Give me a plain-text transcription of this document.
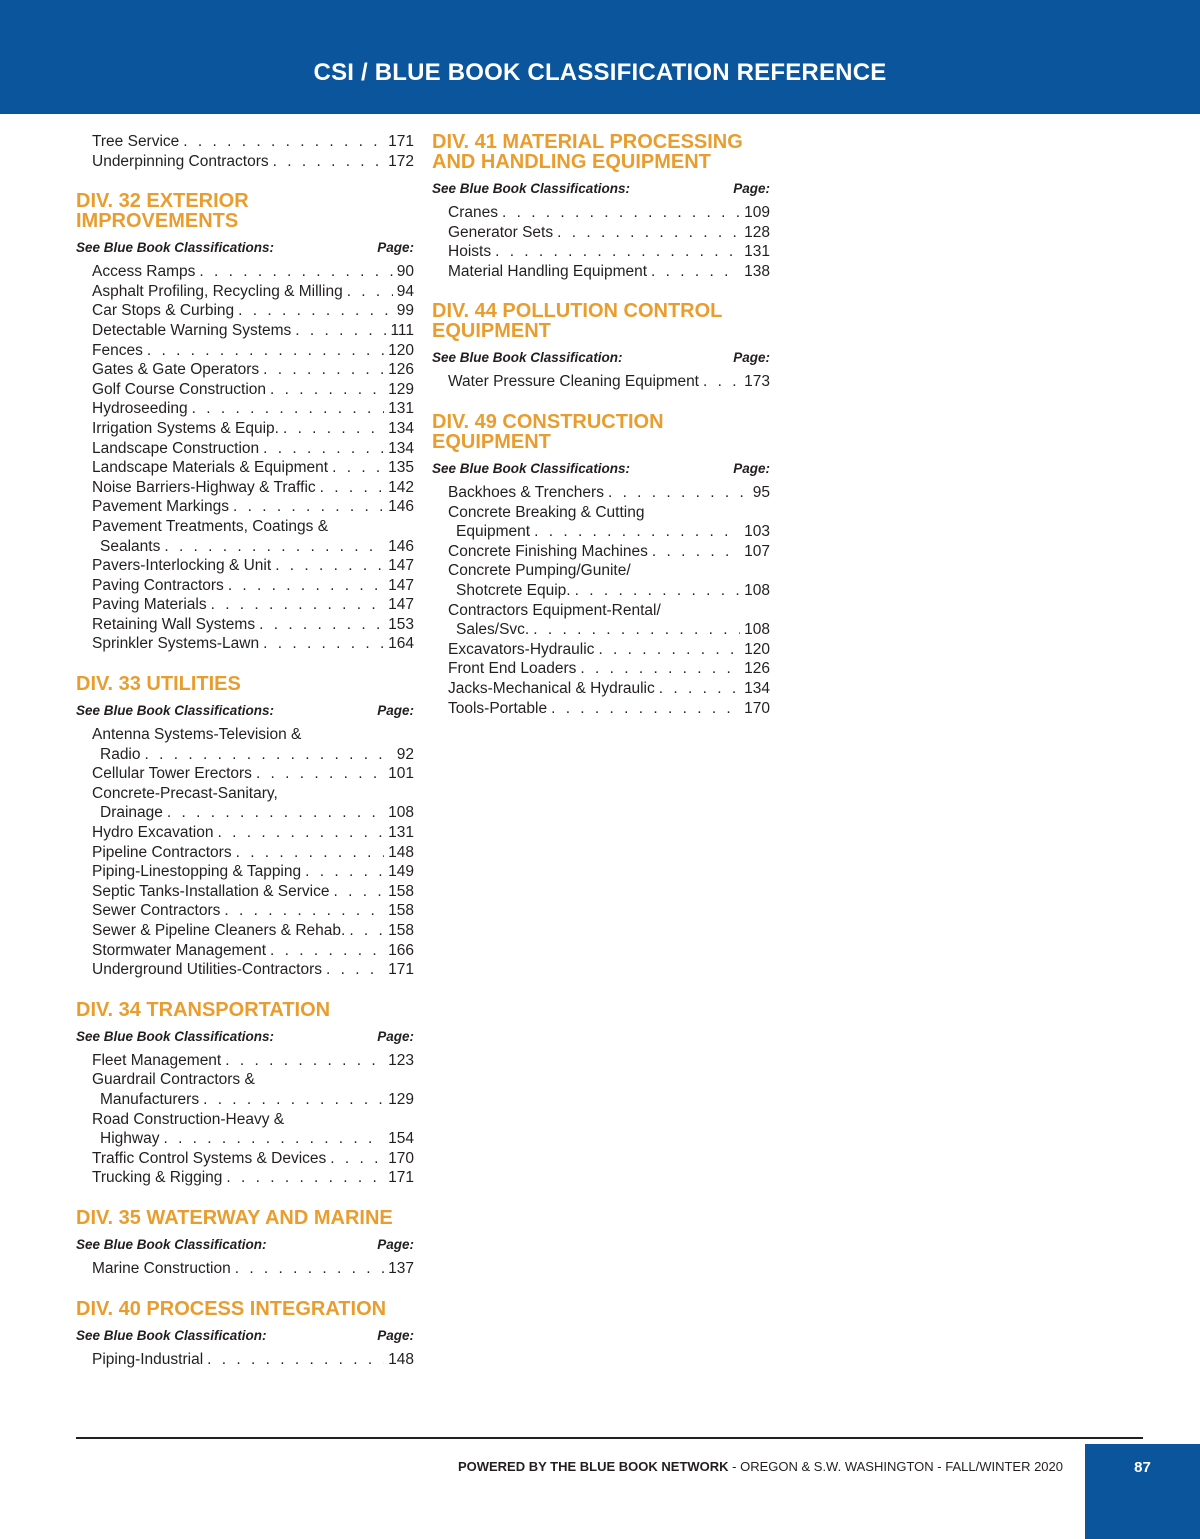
CSI / BLUE BOOK CLASSIFICATION REFERENCE
Tree Service . . .	171
Underpinning Contractors . . .	172
DIV. 32 EXTERIOR IMPROVEMENTS
See Blue Book Classifications:	Page:
Access Ramps . . .	90
Asphalt Profiling, Recycling & Milling . . .	94
Car Stops & Curbing . . .	99
Detectable Warning Systems . . .	111
Fences . . .	120
Gates & Gate Operators . . .	126
Golf Course Construction . . .	129
Hydroseeding . . .	131
Irrigation Systems & Equip. . . .	134
Landscape Construction . . .	134
Landscape Materials & Equipment . . .	135
Noise Barriers-Highway & Traffic . . .	142
Pavement Markings . . .	146
Pavement Treatments, Coatings &
Sealants . . .	146
Pavers-Interlocking & Unit . . .	147
Paving Contractors . . .	147
Paving Materials . . .	147
Retaining Wall Systems . . .	153
Sprinkler Systems-Lawn . . .	164
DIV. 33 UTILITIES
See Blue Book Classifications:	Page:
Antenna Systems-Television &
Radio . . .	92
Cellular Tower Erectors . . .	101
Concrete-Precast-Sanitary,
Drainage . . .	108
Hydro Excavation . . .	131
Pipeline Contractors . . .	148
Piping-Linestopping & Tapping . . .	149
Septic Tanks-Installation & Service . . .	158
Sewer Contractors . . .	158
Sewer & Pipeline Cleaners & Rehab. . . .	158
Stormwater Management . . .	166
Underground Utilities-Contractors . . .	171
DIV. 34 TRANSPORTATION
See Blue Book Classifications:	Page:
Fleet Management . . .	123
Guardrail Contractors &
Manufacturers . . .	129
Road Construction-Heavy &
Highway . . .	154
Traffic Control Systems & Devices . . .	170
Trucking & Rigging . . .	171
DIV. 35 WATERWAY AND MARINE
See Blue Book Classification:	Page:
Marine Construction . . .	137
DIV. 40 PROCESS INTEGRATION
See Blue Book Classification:	Page:
Piping-Industrial . . .	148
DIV. 41 MATERIAL PROCESSING
AND HANDLING EQUIPMENT
See Blue Book Classifications:	Page:
Cranes . . .	109
Generator Sets . . .	128
Hoists . . .	131
Material Handling Equipment . . .	138
DIV. 44 POLLUTION CONTROL
EQUIPMENT
See Blue Book Classification:	Page:
Water Pressure Cleaning Equipment . . .	173
DIV. 49 CONSTRUCTION
EQUIPMENT
See Blue Book Classifications:	Page:
Backhoes & Trenchers . . .	95
Concrete Breaking & Cutting
Equipment . . .	103
Concrete Finishing Machines . . .	107
Concrete Pumping/Gunite/
Shotcrete Equip. . . .	108
Contractors Equipment-Rental/
Sales/Svc. . . .	108
Excavators-Hydraulic . . .	120
Front End Loaders . . .	126
Jacks-Mechanical & Hydraulic . . .	134
Tools-Portable . . .	170
POWERED BY THE BLUE BOOK NETWORK - OREGON & S.W. WASHINGTON - FALL/WINTER 2020	87
